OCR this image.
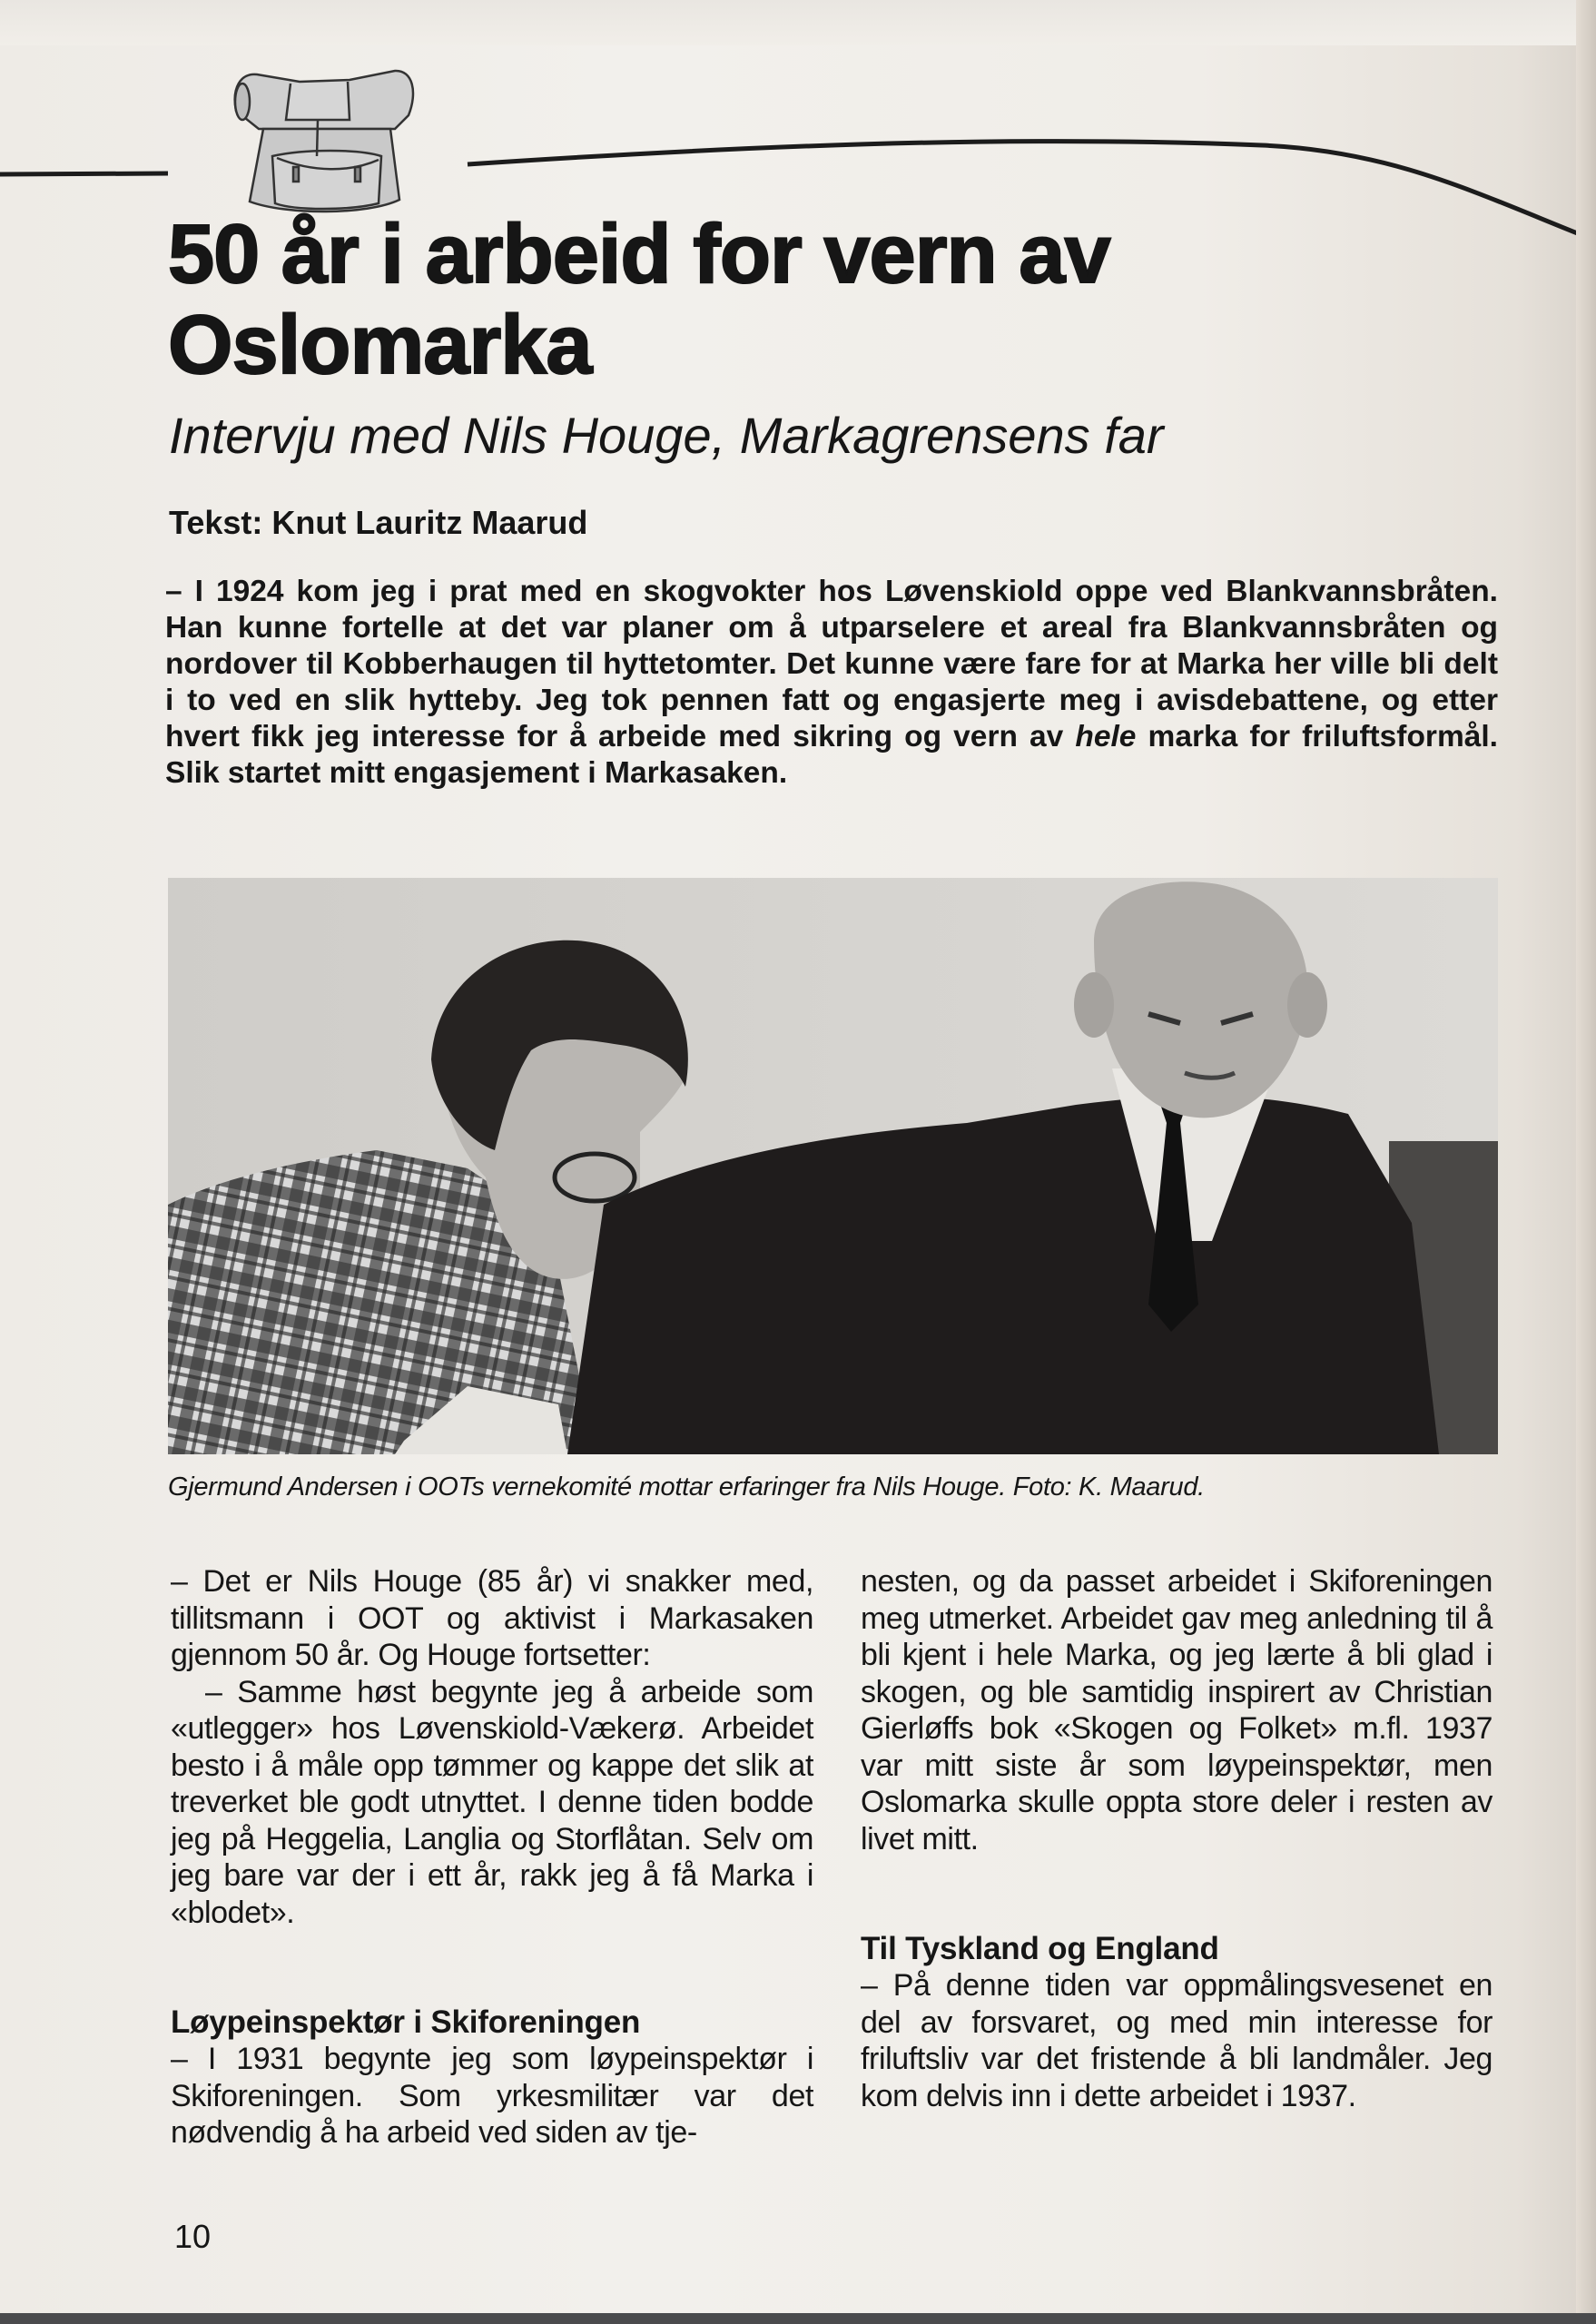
50 år i arbeid for vern av
Oslomarka
Intervju med Nils Houge, Markagrensens far
Tekst: Knut Lauritz Maarud
– I 1924 kom jeg i prat med en skogvokter hos Løvenskiold oppe ved Blankvannsbråten. Han kunne fortelle at det var planer om å utparselere et areal fra Blankvannsbråten og nordover til Kobberhaugen til hyttetomter. Det kunne være fare for at Marka her ville bli delt i to ved en slik hytteby. Jeg tok pennen fatt og engasjerte meg i avisdebattene, og etter hvert fikk jeg interesse for å arbeide med sikring og vern av hele marka for friluftsformål. Slik startet mitt engasjement i Markasaken.
Gjermund Andersen i OOTs vernekomité mottar erfaringer fra Nils Houge. Foto: K. Maarud.

– Det er Nils Houge (85 år) vi snakker med, tillitsmann i OOT og aktivist i Markasaken gjennom 50 år. Og Houge fortsetter:

– Samme høst begynte jeg å arbeide som «utlegger» hos Løvenskiold-Vækerø. Arbeidet besto i å måle opp tømmer og kappe det slik at treverket ble godt utnyttet. I denne tiden bodde jeg på Heggelia, Langlia og Storflåtan. Selv om jeg bare var der i ett år, rakk jeg å få Marka i «blodet».

Løypeinspektør i Skiforeningen

– I 1931 begynte jeg som løypeinspektør i Skiforeningen. Som yrkesmilitær var det nødvendig å ha arbeid ved siden av tje-

nesten, og da passet arbeidet i Skiforeningen meg utmerket. Arbeidet gav meg anledning til å bli kjent i hele Marka, og jeg lærte å bli glad i skogen, og ble samtidig inspirert av Christian Gierløffs bok «Skogen og Folket» m.fl. 1937 var mitt siste år som løypeinspektør, men Oslomarka skulle oppta store deler i resten av livet mitt.

Til Tyskland og England

– På denne tiden var oppmålingsvesenet en del av forsvaret, og med min interesse for friluftsliv var det fristende å bli landmåler. Jeg kom delvis inn i dette arbeidet i 1937.

10
